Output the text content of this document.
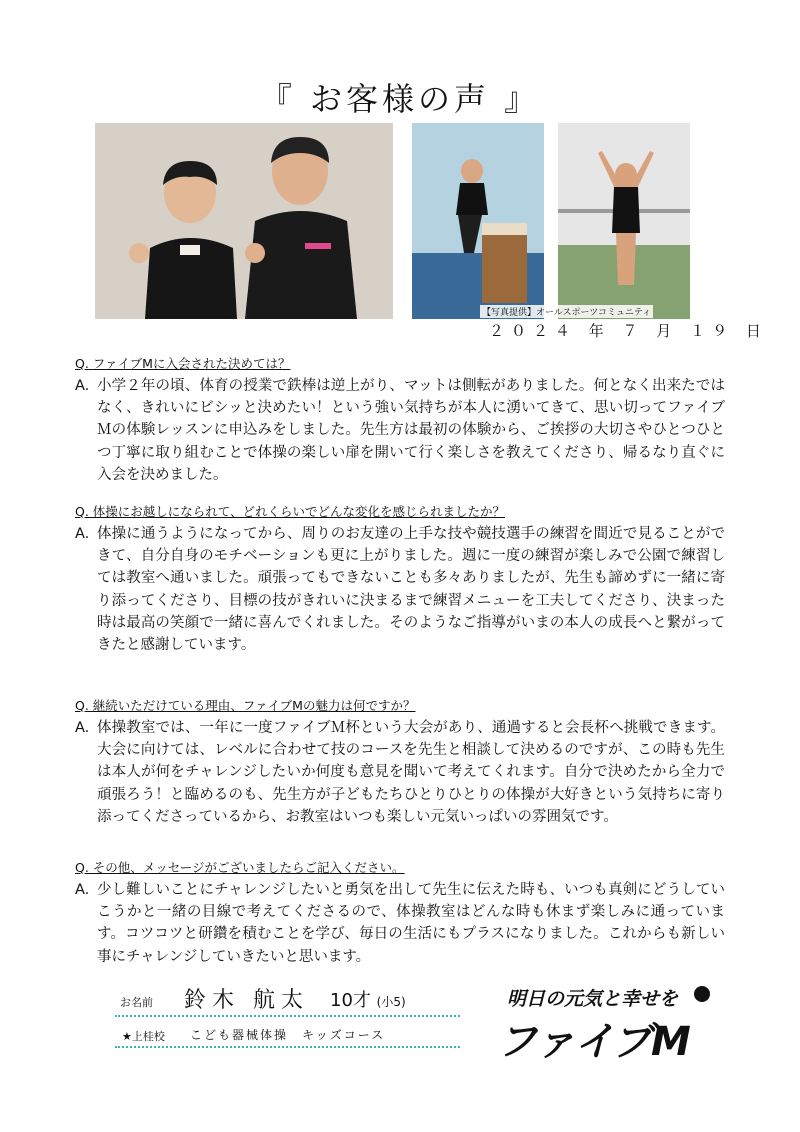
『 お客様の声 』
【写真提供】オールスポーツコミュニティ
２０２４ 年 ７ 月 １９ 日
Q. ファイブMに入会された決めては？
A. 小学２年の頃、体育の授業で鉄棒は逆上がり、マットは側転がありました。何となく出来たではなく、きれいにビシッと決めたい！という強い気持ちが本人に湧いてきて、思い切ってファイブＭの体験レッスンに申込みをしました。先生方は最初の体験から、ご挨拶の大切さやひとつひとつ丁寧に取り組むことで体操の楽しい扉を開いて行く楽しさを教えてくださり、帰るなり直ぐに入会を決めました。
Q. 体操にお越しになられて、どれくらいでどんな変化を感じられましたか？
A. 体操に通うようになってから、周りのお友達の上手な技や競技選手の練習を間近で見ることができて、自分自身のモチベーションも更に上がりました。週に一度の練習が楽しみで公園で練習しては教室へ通いました。頑張ってもできないことも多々ありましたが、先生も諦めずに一緒に寄り添ってくださり、目標の技がきれいに決まるまで練習メニューを工夫してくださり、決まった時は最高の笑顔で一緒に喜んでくれました。そのようなご指導がいまの本人の成長へと繋がってきたと感謝しています。
Q. 継続いただけている理由、ファイブMの魅力は何ですか？
A. 体操教室では、一年に一度ファイブＭ杯という大会があり、通過すると会長杯へ挑戦できます。大会に向けては、レベルに合わせて技のコースを先生と相談して決めるのですが、この時も先生は本人が何をチャレンジしたいか何度も意見を聞いて考えてくれます。自分で決めたから全力で頑張ろう！と臨めるのも、先生方が子どもたちひとりひとりの体操が大好きという気持ちに寄り添ってくださっているから、お教室はいつも楽しい元気いっぱいの雰囲気です。
Q. その他、メッセージがございましたらご記入ください。
A. 少し難しいことにチャレンジしたいと勇気を出して先生に伝えた時も、いつも真剣にどうしていこうかと一緒の目線で考えてくださるので、体操教室はどんな時も休まず楽しみに通っています。コツコツと研鑽を積むことを学び、毎日の生活にもプラスになりました。これからも新しい事にチャレンジしていきたいと思います。
お名前 鈴木 航太 10才 (小5)
★上桂校 こども器械体操　キッズコース
明日の元気と幸せを
ファイブM
